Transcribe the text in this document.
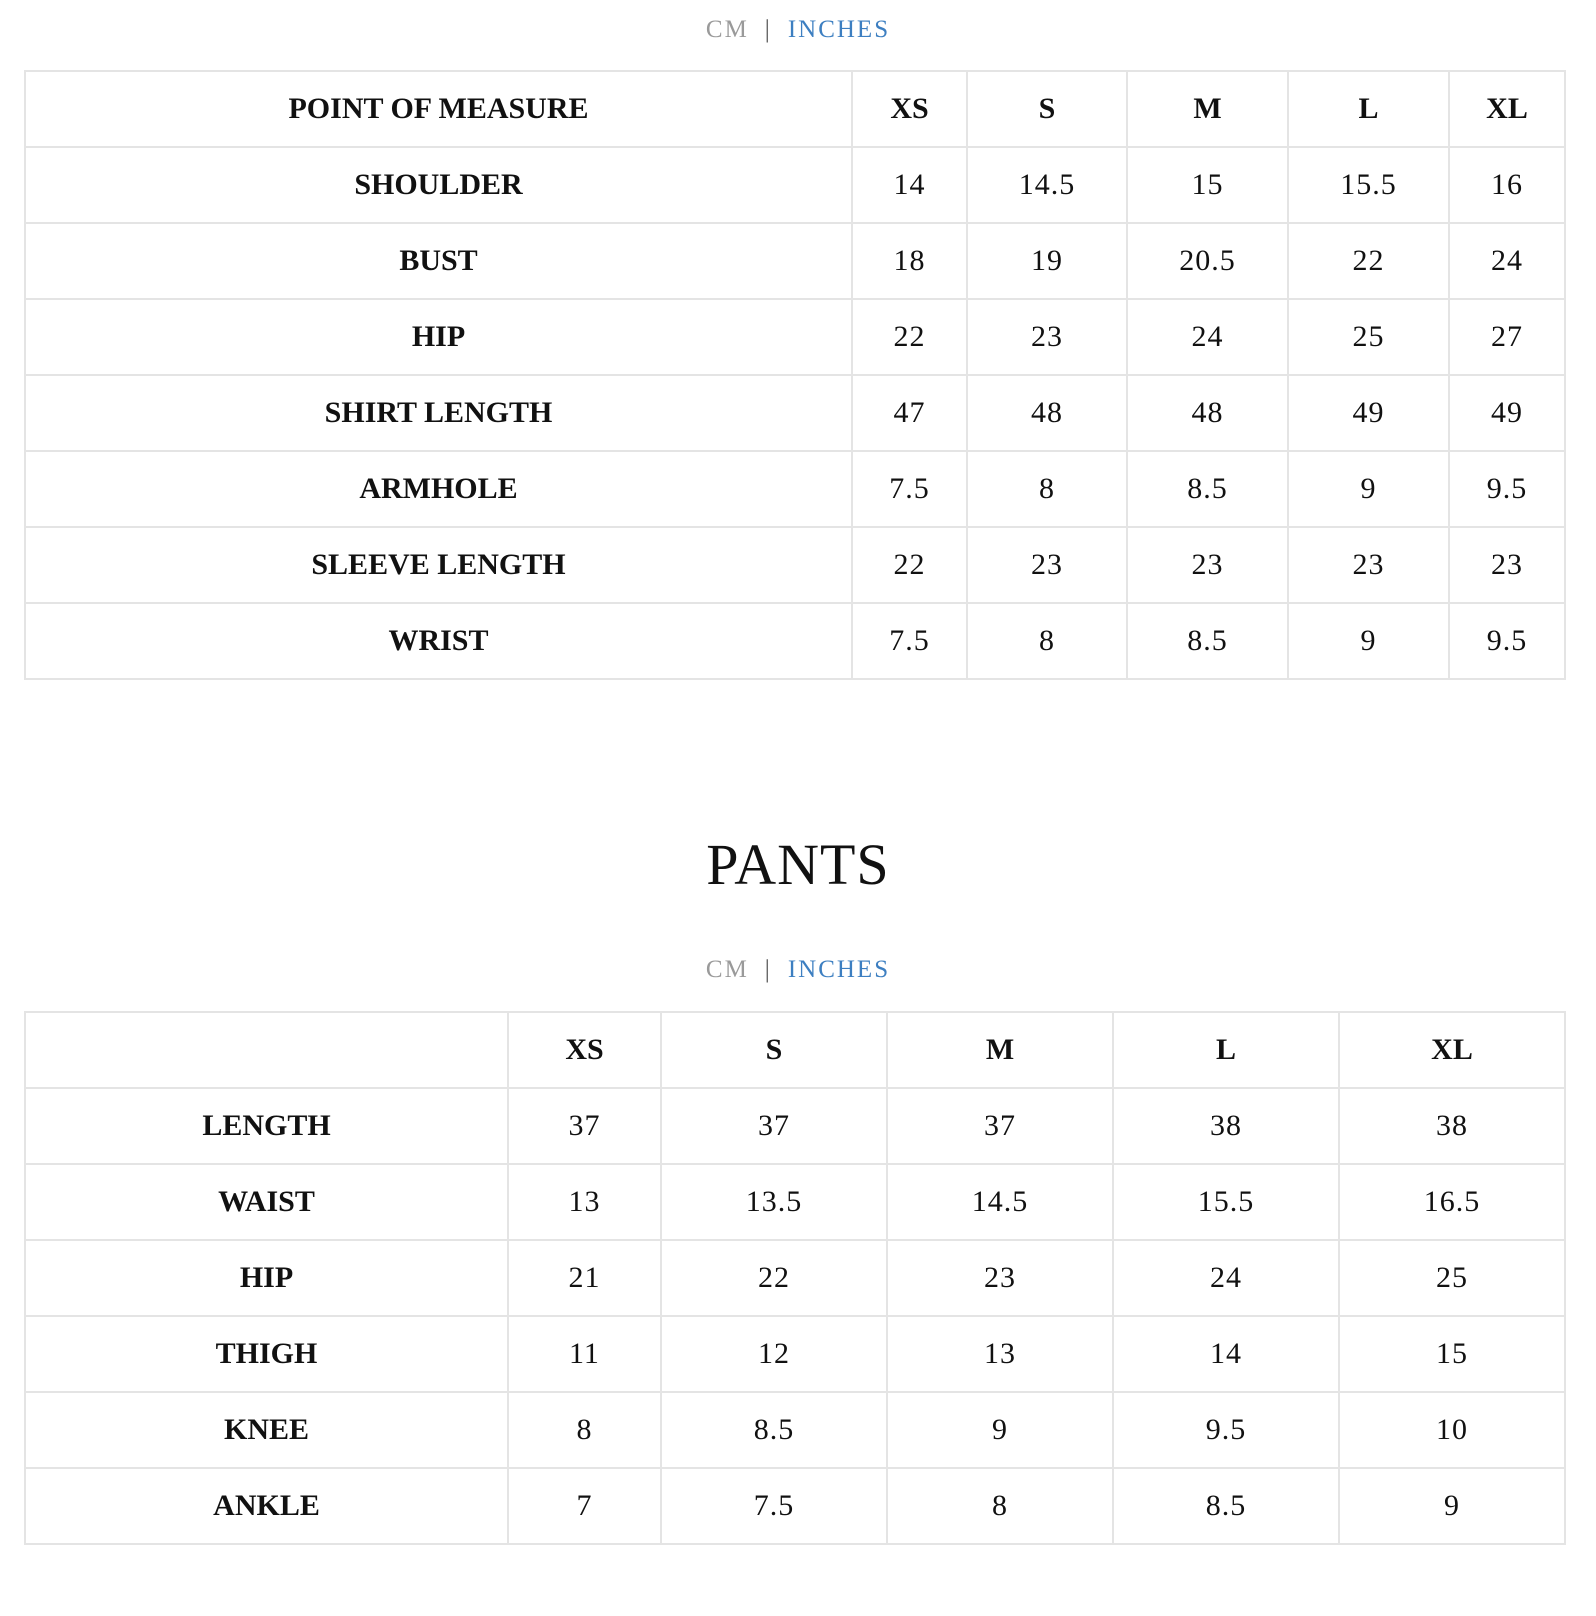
CM | INCHES
POINT OF MEASURE	XS	S	M	L	XL
SHOULDER	14	14.5	15	15.5	16
BUST	18	19	20.5	22	24
HIP	22	23	24	25	27
SHIRT LENGTH	47	48	48	49	49
ARMHOLE	7.5	8	8.5	9	9.5
SLEEVE LENGTH	22	23	23	23	23
WRIST	7.5	8	8.5	9	9.5
PANTS
CM | INCHES
	XS	S	M	L	XL
LENGTH	37	37	37	38	38
WAIST	13	13.5	14.5	15.5	16.5
HIP	21	22	23	24	25
THIGH	11	12	13	14	15
KNEE	8	8.5	9	9.5	10
ANKLE	7	7.5	8	8.5	9
